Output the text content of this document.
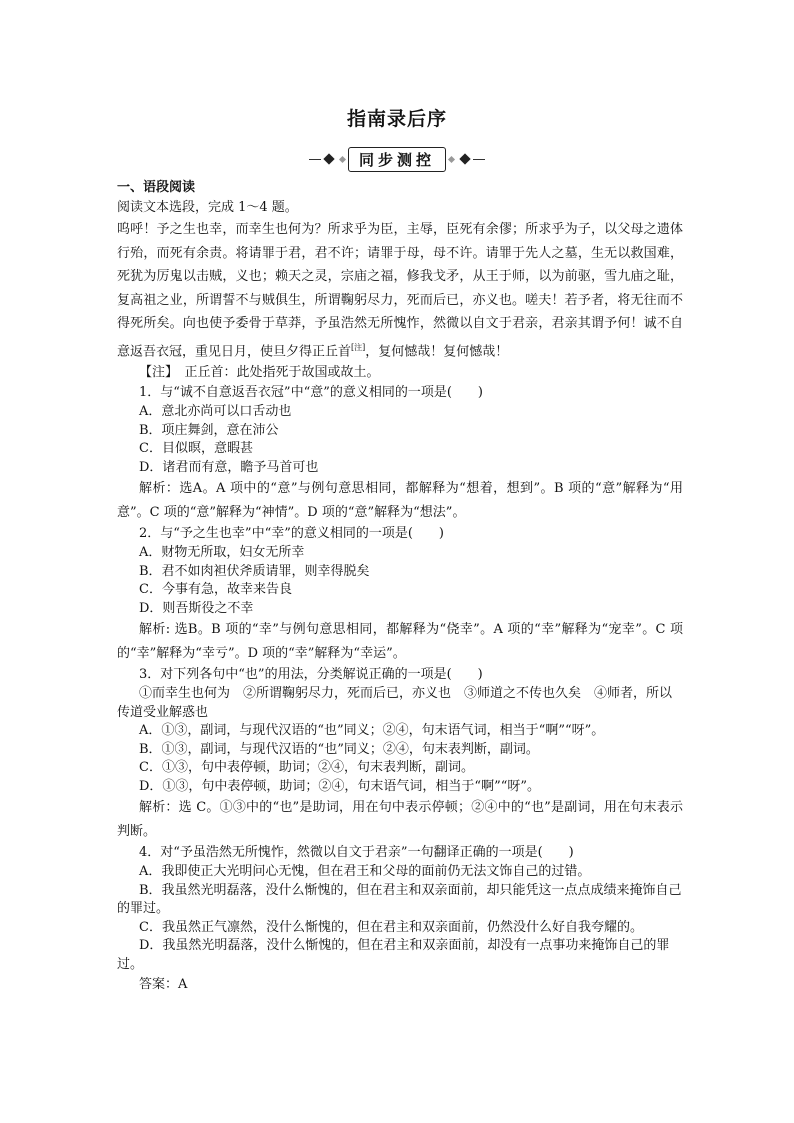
指南录后序
同步测控

一、语段阅读

阅读文本选段，完成 1～4 题。

呜呼！予之生也幸，而幸生也何为？所求乎为臣，主辱，臣死有余僇；所求乎为子，以父母之遗体行殆，而死有余责。将请罪于君，君不许；请罪于母，母不许。请罪于先人之墓，生无以救国难，死犹为厉鬼以击贼，义也；赖天之灵，宗庙之福，修我戈矛，从王于师，以为前驱，雪九庙之耻，复高祖之业，所谓誓不与贼俱生，所谓鞠躬尽力，死而后已，亦义也。嗟夫！若予者，将无往而不得死所矣。向也使予委骨于草莽，予虽浩然无所愧怍，然微以自文于君亲，君亲其谓予何！诚不自意返吾衣冠，重见日月，使旦夕得正丘首[注]，复何憾哉！复何憾哉！

【注】　正丘首：此处指死于故国或故土。

1．与“诚不自意返吾衣冠”中“意”的意义相同的一项是(　　)

A．意北亦尚可以口舌动也

B．项庄舞剑，意在沛公

C．目似暝，意暇甚

D．诸君而有意，瞻予马首可也

解析：选A。A 项中的“意”与例句意思相同，都解释为“想着，想到”。B 项的“意”解释为“用意”。C 项的“意”解释为“神情”。D 项的“意”解释为“想法”。

2．与“予之生也幸”中“幸”的意义相同的一项是(　　)

A．财物无所取，妇女无所幸

B．君不如肉袒伏斧质请罪，则幸得脱矣

C．今事有急，故幸来告良

D．则吾斯役之不幸

解析: 选B。B 项的“幸”与例句意思相同，都解释为“侥幸”。A 项的“幸”解释为“宠幸”。C 项的“幸”解释为“幸亏”。D 项的“幸”解释为“幸运”。

3．对下列各句中“也”的用法，分类解说正确的一项是(　　)

①而幸生也何为　②所谓鞠躬尽力，死而后已，亦义也　③师道之不传也久矣　④师者，所以传道受业解惑也

A．①③，副词，与现代汉语的“也”同义；②④，句末语气词，相当于“啊”“呀”。

B．①③，副词，与现代汉语的“也”同义；②④，句末表判断，副词。

C．①③，句中表停顿，助词；②④，句末表判断，副词。

D．①③，句中表停顿，助词；②④，句末语气词，相当于“啊”“呀”。

解析：选 C。①③中的“也”是助词，用在句中表示停顿；②④中的“也”是副词，用在句末表示判断。

4．对“予虽浩然无所愧怍，然微以自文于君亲”一句翻译正确的一项是(　　)

A．我即使正大光明问心无愧，但在君王和父母的面前仍无法文饰自己的过错。

B．我虽然光明磊落，没什么惭愧的，但在君主和双亲面前，却只能凭这一点点成绩来掩饰自己的罪过。

C．我虽然正气凛然，没什么惭愧的，但在君主和双亲面前，仍然没什么好自我夸耀的。

D．我虽然光明磊落，没什么惭愧的，但在君主和双亲面前，却没有一点事功来掩饰自己的罪过。

答案：A
